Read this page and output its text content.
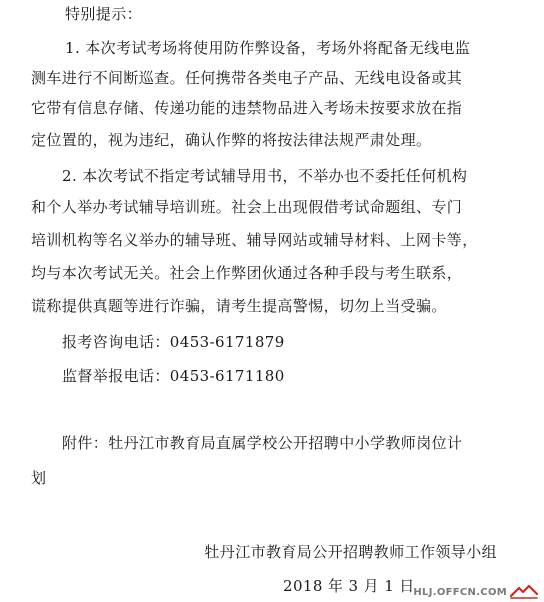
特别提示：
1. 本次考试考场将使用防作弊设备，考场外将配备无线电监
测车进行不间断巡查。任何携带各类电子产品、无线电设备或其
它带有信息存储、传递功能的违禁物品进入考场未按要求放在指
定位置的，视为违纪，确认作弊的将按法律法规严肃处理。
2. 本次考试不指定考试辅导用书，不举办也不委托任何机构
和个人举办考试辅导培训班。社会上出现假借考试命题组、专门
培训机构等名义举办的辅导班、辅导网站或辅导材料、上网卡等，
均与本次考试无关。社会上作弊团伙通过各种手段与考生联系，
谎称提供真题等进行诈骗，请考生提高警惕，切勿上当受骗。
报考咨询电话：0453-6171879
监督举报电话：0453-6171180
附件：牡丹江市教育局直属学校公开招聘中小学教师岗位计
划
牡丹江市教育局公开招聘教师工作领导小组
2018 年 3 月 1 日
HLJ.OFFCN.COM
